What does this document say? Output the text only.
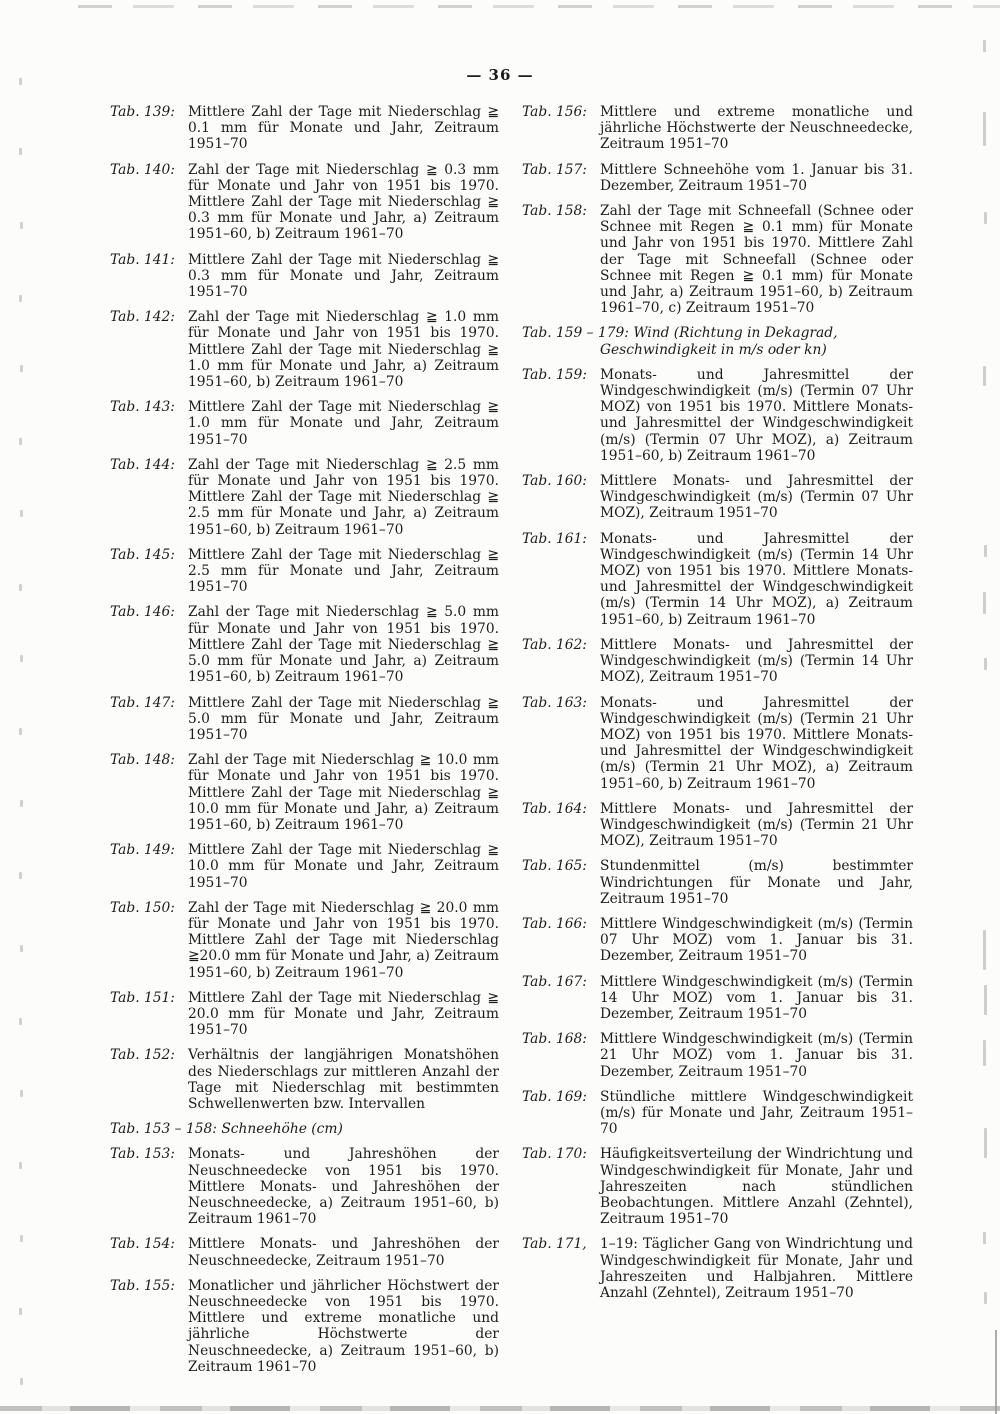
— 36 —
Tab. 139: Mittlere Zahl der Tage mit Niederschlag ≧ 0.1 mm für Monate und Jahr, Zeitraum 1951–70
Tab. 140: Zahl der Tage mit Niederschlag ≧ 0.3 mm für Monate und Jahr von 1951 bis 1970. Mittlere Zahl der Tage mit Niederschlag ≧ 0.3 mm für Monate und Jahr, a) Zeitraum 1951–60, b) Zeitraum 1961–70
Tab. 141: Mittlere Zahl der Tage mit Niederschlag ≧ 0.3 mm für Monate und Jahr, Zeitraum 1951–70
Tab. 142: Zahl der Tage mit Niederschlag ≧ 1.0 mm für Monate und Jahr von 1951 bis 1970. Mittlere Zahl der Tage mit Niederschlag ≧ 1.0 mm für Monate und Jahr, a) Zeitraum 1951–60, b) Zeitraum 1961–70
Tab. 143: Mittlere Zahl der Tage mit Niederschlag ≧ 1.0 mm für Monate und Jahr, Zeitraum 1951–70
Tab. 144: Zahl der Tage mit Niederschlag ≧ 2.5 mm für Monate und Jahr von 1951 bis 1970. Mittlere Zahl der Tage mit Niederschlag ≧ 2.5 mm für Monate und Jahr, a) Zeitraum 1951–60, b) Zeitraum 1961–70
Tab. 145: Mittlere Zahl der Tage mit Niederschlag ≧ 2.5 mm für Monate und Jahr, Zeitraum 1951–70
Tab. 146: Zahl der Tage mit Niederschlag ≧ 5.0 mm für Monate und Jahr von 1951 bis 1970. Mittlere Zahl der Tage mit Niederschlag ≧ 5.0 mm für Monate und Jahr, a) Zeitraum 1951–60, b) Zeitraum 1961–70
Tab. 147: Mittlere Zahl der Tage mit Niederschlag ≧ 5.0 mm für Monate und Jahr, Zeitraum 1951–70
Tab. 148: Zahl der Tage mit Niederschlag ≧ 10.0 mm für Monate und Jahr von 1951 bis 1970. Mittlere Zahl der Tage mit Niederschlag ≧ 10.0 mm für Monate und Jahr, a) Zeitraum 1951–60, b) Zeitraum 1961–70
Tab. 149: Mittlere Zahl der Tage mit Niederschlag ≧ 10.0 mm für Monate und Jahr, Zeitraum 1951–70
Tab. 150: Zahl der Tage mit Niederschlag ≧ 20.0 mm für Monate und Jahr von 1951 bis 1970. Mittlere Zahl der Tage mit Niederschlag ≧20.0 mm für Monate und Jahr, a) Zeitraum 1951–60, b) Zeitraum 1961–70
Tab. 151: Mittlere Zahl der Tage mit Niederschlag ≧ 20.0 mm für Monate und Jahr, Zeitraum 1951–70
Tab. 152: Verhältnis der langjährigen Monatshöhen des Niederschlags zur mittleren Anzahl der Tage mit Niederschlag mit bestimmten Schwellenwerten bzw. Intervallen
Tab. 153 – 158: Schneehöhe (cm)
Tab. 153: Monats- und Jahreshöhen der Neuschneedecke von 1951 bis 1970. Mittlere Monats- und Jahreshöhen der Neuschneedecke, a) Zeitraum 1951–60, b) Zeitraum 1961–70
Tab. 154: Mittlere Monats- und Jahreshöhen der Neuschneedecke, Zeitraum 1951–70
Tab. 155: Monatlicher und jährlicher Höchstwert der Neuschneedecke von 1951 bis 1970. Mittlere und extreme monatliche und jährliche Höchstwerte der Neuschneedecke, a) Zeitraum 1951–60, b) Zeitraum 1961–70
Tab. 156: Mittlere und extreme monatliche und jährliche Höchstwerte der Neuschneedecke, Zeitraum 1951–70
Tab. 157: Mittlere Schneehöhe vom 1. Januar bis 31. Dezember, Zeitraum 1951–70
Tab. 158: Zahl der Tage mit Schneefall (Schnee oder Schnee mit Regen ≧ 0.1 mm) für Monate und Jahr von 1951 bis 1970. Mittlere Zahl der Tage mit Schneefall (Schnee oder Schnee mit Regen ≧ 0.1 mm) für Monate und Jahr, a) Zeitraum 1951–60, b) Zeitraum 1961–70, c) Zeitraum 1951–70
Tab. 159 – 179: Wind (Richtung in Dekagrad, Geschwindigkeit in m/s oder kn)
Tab. 159: Monats- und Jahresmittel der Windgeschwindigkeit (m/s) (Termin 07 Uhr MOZ) von 1951 bis 1970. Mittlere Monats- und Jahresmittel der Windgeschwindigkeit (m/s) (Termin 07 Uhr MOZ), a) Zeitraum 1951–60, b) Zeitraum 1961–70
Tab. 160: Mittlere Monats- und Jahresmittel der Windgeschwindigkeit (m/s) (Termin 07 Uhr MOZ), Zeitraum 1951–70
Tab. 161: Monats- und Jahresmittel der Windgeschwindigkeit (m/s) (Termin 14 Uhr MOZ) von 1951 bis 1970. Mittlere Monats- und Jahresmittel der Windgeschwindigkeit (m/s) (Termin 14 Uhr MOZ), a) Zeitraum 1951–60, b) Zeitraum 1961–70
Tab. 162: Mittlere Monats- und Jahresmittel der Windgeschwindigkeit (m/s) (Termin 14 Uhr MOZ), Zeitraum 1951–70
Tab. 163: Monats- und Jahresmittel der Windgeschwindigkeit (m/s) (Termin 21 Uhr MOZ) von 1951 bis 1970. Mittlere Monats- und Jahresmittel der Windgeschwindigkeit (m/s) (Termin 21 Uhr MOZ), a) Zeitraum 1951–60, b) Zeitraum 1961–70
Tab. 164: Mittlere Monats- und Jahresmittel der Windgeschwindigkeit (m/s) (Termin 21 Uhr MOZ), Zeitraum 1951–70
Tab. 165: Stundenmittel (m/s) bestimmter Windrichtungen für Monate und Jahr, Zeitraum 1951–70
Tab. 166: Mittlere Windgeschwindigkeit (m/s) (Termin 07 Uhr MOZ) vom 1. Januar bis 31. Dezember, Zeitraum 1951–70
Tab. 167: Mittlere Windgeschwindigkeit (m/s) (Termin 14 Uhr MOZ) vom 1. Januar bis 31. Dezember, Zeitraum 1951–70
Tab. 168: Mittlere Windgeschwindigkeit (m/s) (Termin 21 Uhr MOZ) vom 1. Januar bis 31. Dezember, Zeitraum 1951–70
Tab. 169: Stündliche mittlere Windgeschwindigkeit (m/s) für Monate und Jahr, Zeitraum 1951–70
Tab. 170: Häufigkeitsverteilung der Windrichtung und Windgeschwindigkeit für Monate, Jahr und Jahreszeiten nach stündlichen Beobachtungen. Mittlere Anzahl (Zehntel), Zeitraum 1951–70
Tab. 171, 1–19: Täglicher Gang von Windrichtung und Windgeschwindigkeit für Monate, Jahr und Jahreszeiten und Halbjahren. Mittlere Anzahl (Zehntel), Zeitraum 1951–70
